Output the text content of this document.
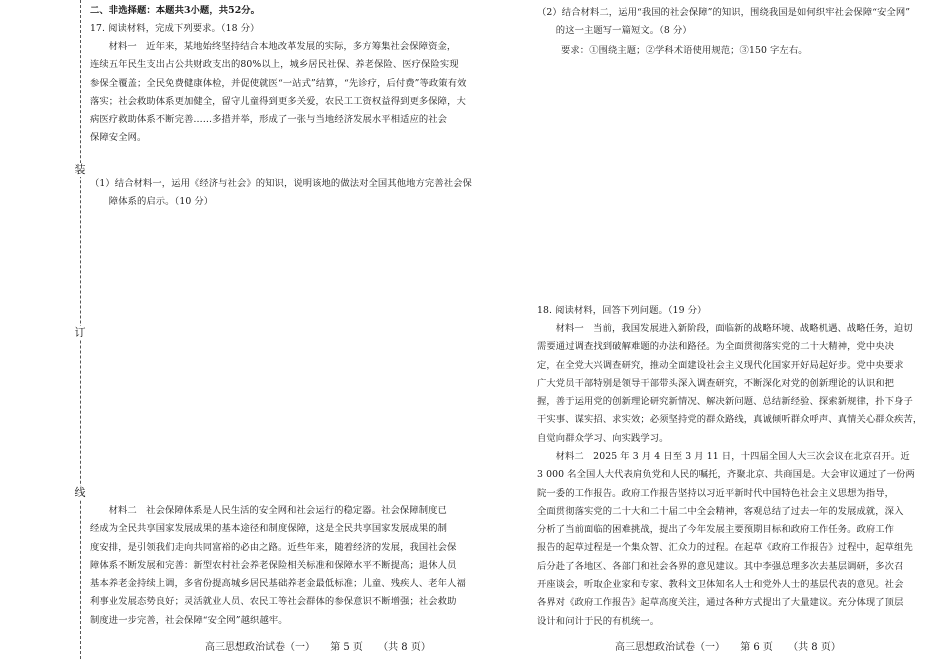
装
订
线
二、非选择题：本题共3小题，共52分。
17. 阅读材料，完成下列要求。（18 分）
材料一　近年来，某地始终坚持结合本地改革发展的实际，多方筹集社会保障资金，
连续五年民生支出占公共财政支出的80%以上，城乡居民社保、养老保险、医疗保险实现
参保全覆盖；全民免费健康体检，并促使就医“一站式”结算，“先诊疗，后付费”等政策有效
落实；社会救助体系更加健全，留守儿童得到更多关爱，农民工工资权益得到更多保障，大
病医疗救助体系不断完善……多措并举，形成了一张与当地经济发展水平相适应的社会
保障安全网。
（1）结合材料一，运用《经济与社会》的知识，说明该地的做法对全国其他地方完善社会保
　　障体系的启示。（10 分）
材料二　社会保障体系是人民生活的安全网和社会运行的稳定器。社会保障制度已
经成为全民共享国家发展成果的基本途径和制度保障，这是全民共享国家发展成果的制
度安排，是引领我们走向共同富裕的必由之路。近些年来，随着经济的发展，我国社会保
障体系不断发展和完善：新型农村社会养老保险相关标准和保障水平不断提高；退休人员
基本养老金持续上调，多省份提高城乡居民基础养老金最低标准；儿童、残疾人、老年人福
利事业发展态势良好；灵活就业人员、农民工等社会群体的参保意识不断增强；社会救助
制度进一步完善，社会保障“安全网”越织越牢。
高三思想政治试卷（一） 第 5 页 （共 8 页）
（2）结合材料二，运用“我国的社会保障”的知识，围绕我国是如何织牢社会保障“安全网”
　　的这一主题写一篇短文。（8 分）
要求：①围绕主题；②学科术语使用规范；③150 字左右。
18. 阅读材料，回答下列问题。（19 分）
材料一　当前，我国发展进入新阶段，面临新的战略环境、战略机遇、战略任务，迫切
需要通过调查找到破解难题的办法和路径。为全面贯彻落实党的二十大精神，党中央决
定，在全党大兴调查研究，推动全面建设社会主义现代化国家开好局起好步。党中央要求
广大党员干部特别是领导干部带头深入调查研究，不断深化对党的创新理论的认识和把
握，善于运用党的创新理论研究新情况、解决新问题、总结新经验、探索新规律，扑下身子
干实事、谋实招、求实效；必须坚持党的群众路线，真诚倾听群众呼声、真情关心群众疾苦，
自觉向群众学习、向实践学习。
材料二　2025 年 3 月 4 日至 3 月 11 日，十四届全国人大三次会议在北京召开。近
3 000 名全国人大代表肩负党和人民的嘱托，齐聚北京、共商国是。大会审议通过了一份两
院一委的工作报告。政府工作报告坚持以习近平新时代中国特色社会主义思想为指导，
全面贯彻落实党的二十大和二十届二中全会精神，客观总结了过去一年的发展成就，深入
分析了当前面临的困难挑战，提出了今年发展主要预期目标和政府工作任务。政府工作
报告的起草过程是一个集众智、汇众力的过程。在起草《政府工作报告》过程中，起草组先
后分赴了各地区、各部门和社会各界的意见建议。其中李强总理多次去基层调研，多次召
开座谈会，听取企业家和专家、教科文卫体知名人士和党外人士的基层代表的意见。社会
各界对《政府工作报告》起草高度关注，通过各种方式提出了大量建议。充分体现了顶层
设计和问计于民的有机统一。
高三思想政治试卷（一） 第 6 页 （共 8 页）
